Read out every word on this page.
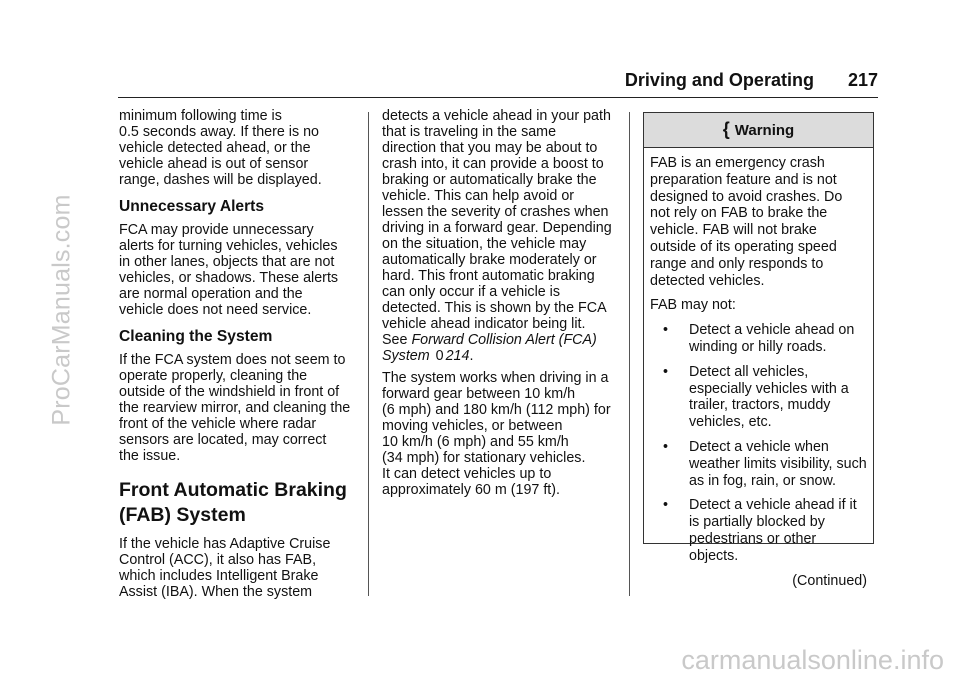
ProCarManuals.com
carmanualsonline.info
Driving and Operating 217

minimum following time is
0.5 seconds away. If there is no
vehicle detected ahead, or the
vehicle ahead is out of sensor
range, dashes will be displayed.

Unnecessary Alerts

FCA may provide unnecessary
alerts for turning vehicles, vehicles
in other lanes, objects that are not
vehicles, or shadows. These alerts
are normal operation and the
vehicle does not need service.

Cleaning the System

If the FCA system does not seem to
operate properly, cleaning the
outside of the windshield in front of
the rearview mirror, and cleaning the
front of the vehicle where radar
sensors are located, may correct
the issue.

Front Automatic Braking
(FAB) System

If the vehicle has Adaptive Cruise
Control (ACC), it also has FAB,
which includes Intelligent Brake
Assist (IBA). When the system

detects a vehicle ahead in your path
that is traveling in the same
direction that you may be about to
crash into, it can provide a boost to
braking or automatically brake the
vehicle. This can help avoid or
lessen the severity of crashes when
driving in a forward gear. Depending
on the situation, the vehicle may
automatically brake moderately or
hard. This front automatic braking
can only occur if a vehicle is
detected. This is shown by the FCA
vehicle ahead indicator being lit.

See Forward Collision Alert (FCA)
System 0 214.

The system works when driving in a
forward gear between 10 km/h
(6 mph) and 180 km/h (112 mph) for
moving vehicles, or between
10 km/h (6 mph) and 55 km/h
(34 mph) for stationary vehicles.
It can detect vehicles up to
approximately 60 m (197 ft).

{ Warning

FAB is an emergency crash
preparation feature and is not
designed to avoid crashes. Do
not rely on FAB to brake the
vehicle. FAB will not brake
outside of its operating speed
range and only responds to
detected vehicles.

FAB may not:

•	Detect a vehicle ahead on
winding or hilly roads.
•	Detect all vehicles,
especially vehicles with a
trailer, tractors, muddy
vehicles, etc.
•	Detect a vehicle when
weather limits visibility, such
as in fog, rain, or snow.
•	Detect a vehicle ahead if it
is partially blocked by
pedestrians or other objects.
(Continued)
